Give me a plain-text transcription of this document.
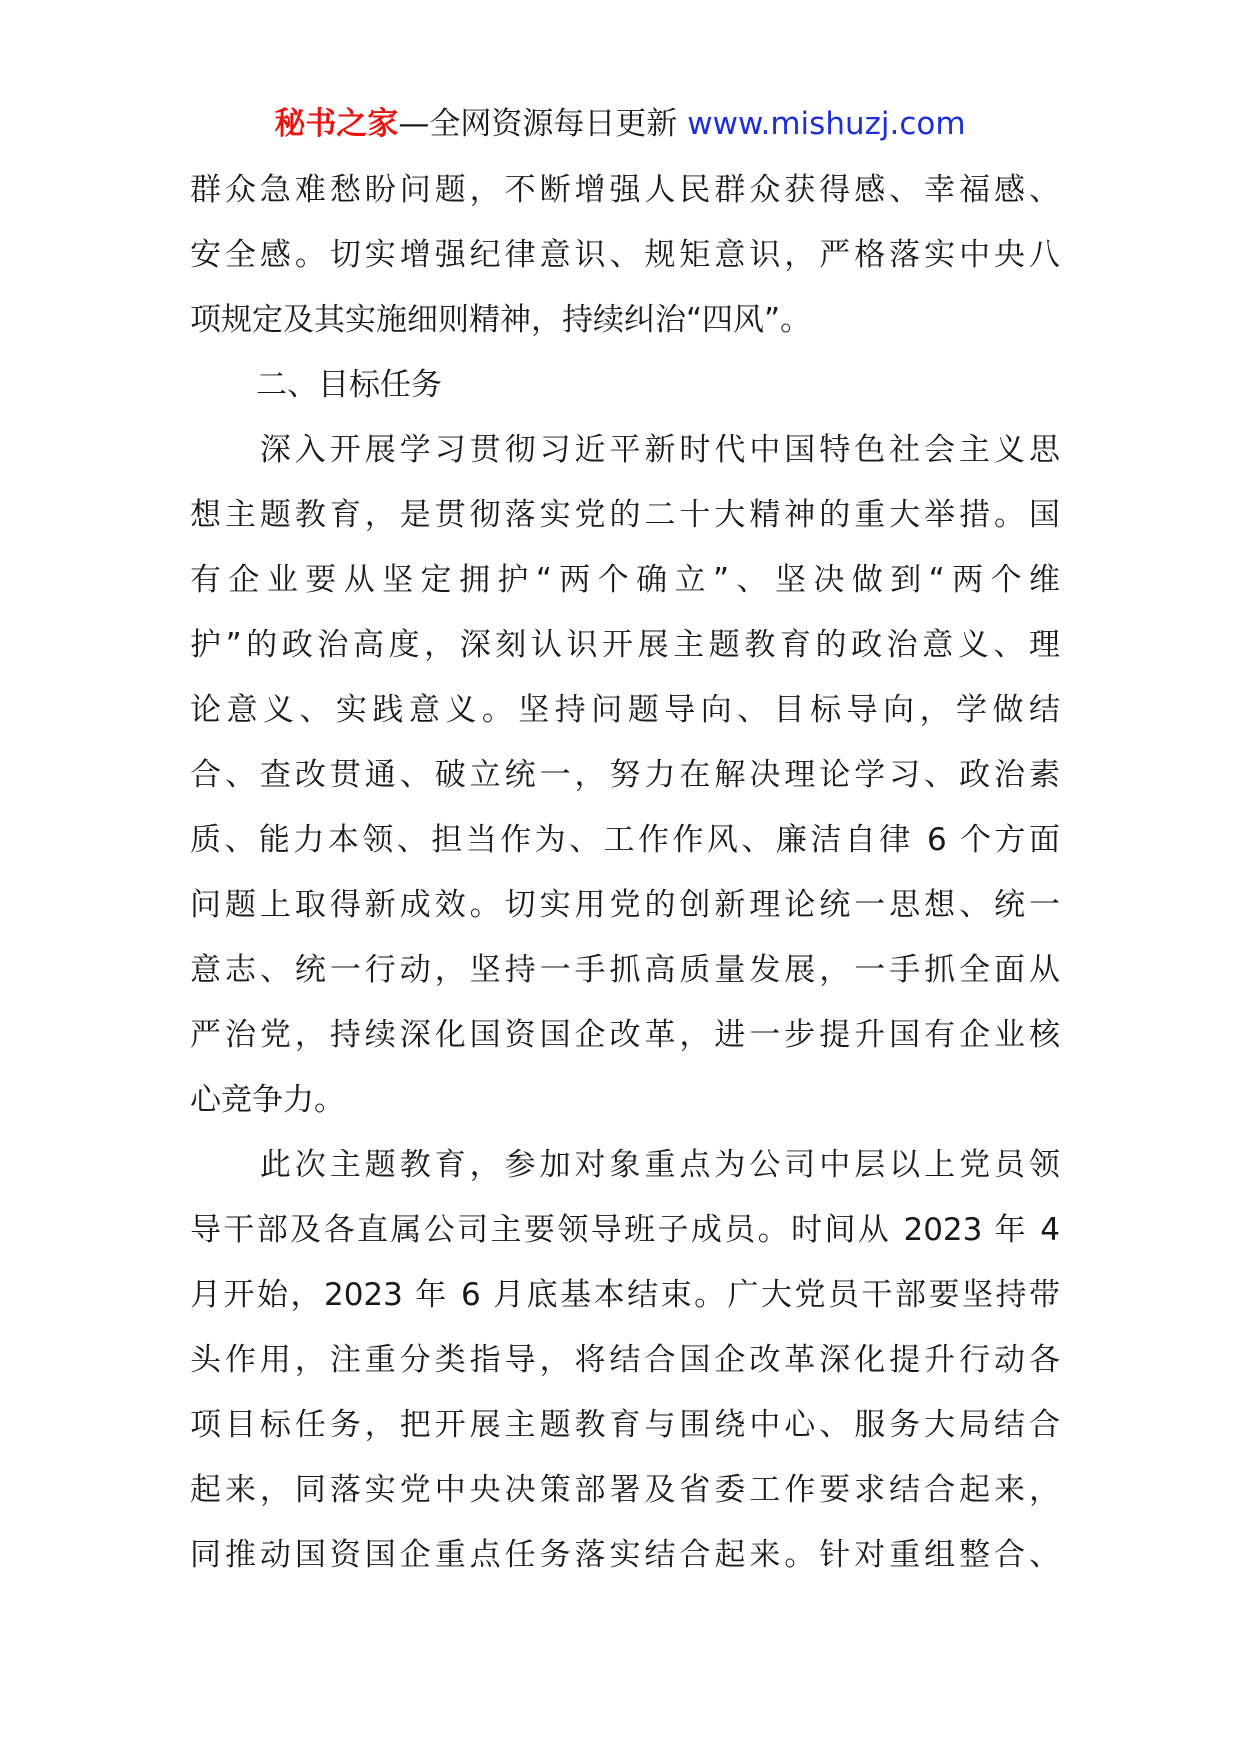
秘书之家—全网资源每日更新 www.mishuzj.com

群众急难愁盼问题，不断增强人民群众获得感、幸福感、
安全感。切实增强纪律意识、规矩意识，严格落实中央八
项规定及其实施细则精神，持续纠治“四风”。

二、目标任务

　　深入开展学习贯彻习近平新时代中国特色社会主义思
想主题教育，是贯彻落实党的二十大精神的重大举措。国
有企业要从坚定拥护“两个确立”、坚决做到“两个维
护”的政治高度，深刻认识开展主题教育的政治意义、理
论意义、实践意义。坚持问题导向、目标导向，学做结
合、查改贯通、破立统一，努力在解决理论学习、政治素
质、能力本领、担当作为、工作作风、廉洁自律 6 个方面
问题上取得新成效。切实用党的创新理论统一思想、统一
意志、统一行动，坚持一手抓高质量发展，一手抓全面从
严治党，持续深化国资国企改革，进一步提升国有企业核
心竞争力。

　　此次主题教育，参加对象重点为公司中层以上党员领
导干部及各直属公司主要领导班子成员。时间从 2023 年 4
月开始，2023 年 6 月底基本结束。广大党员干部要坚持带
头作用，注重分类指导，将结合国企改革深化提升行动各
项目标任务，把开展主题教育与围绕中心、服务大局结合
起来，同落实党中央决策部署及省委工作要求结合起来，
同推动国资国企重点任务落实结合起来。针对重组整合、
